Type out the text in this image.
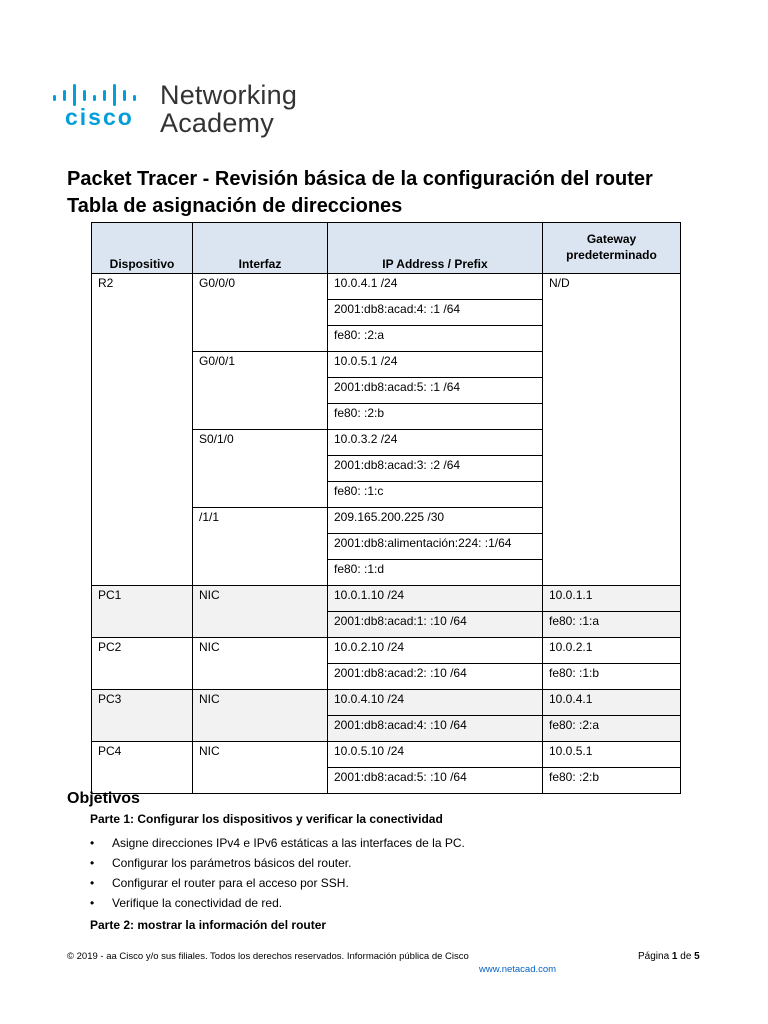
cisco
Networking
Academy
Packet Tracer - Revisión básica de la configuración del router
Tabla de asignación de direcciones
Dispositivo	Interfaz	IP Address / Prefix	Gateway
predeterminado
R2	G0/0/0	10.0.4.1 /24	N/D
		2001:db8:acad:4: :1 /64	
		fe80: :2:a	
	G0/0/1	10.0.5.1 /24	
		2001:db8:acad:5: :1 /64	
		fe80: :2:b	
	S0/1/0	10.0.3.2 /24	
		2001:db8:acad:3: :2 /64	
		fe80: :1:c	
	/1/1	209.165.200.225 /30	
		2001:db8:alimentación:224: :1/64	
		fe80: :1:d	
PC1	NIC	10.0.1.10 /24	10.0.1.1
		2001:db8:acad:1: :10 /64	fe80: :1:a
PC2	NIC	10.0.2.10 /24	10.0.2.1
		2001:db8:acad:2: :10 /64	fe80: :1:b
PC3	NIC	10.0.4.10 /24	10.0.4.1
		2001:db8:acad:4: :10 /64	fe80: :2:a
PC4	NIC	10.0.5.10 /24	10.0.5.1
		2001:db8:acad:5: :10 /64	fe80: :2:b

Objetivos
Parte 1: Configurar los dispositivos y verificar la conectividad
• Asigne direcciones IPv4 e IPv6 estáticas a las interfaces de la PC.
• Configurar los parámetros básicos del router.
• Configurar el router para el acceso por SSH.
• Verifique la conectividad de red.
Parte 2: mostrar la información del router
© 2019 - aa Cisco y/o sus filiales. Todos los derechos reservados. Información pública de Cisco	Página 1 de 5
www.netacad.com
